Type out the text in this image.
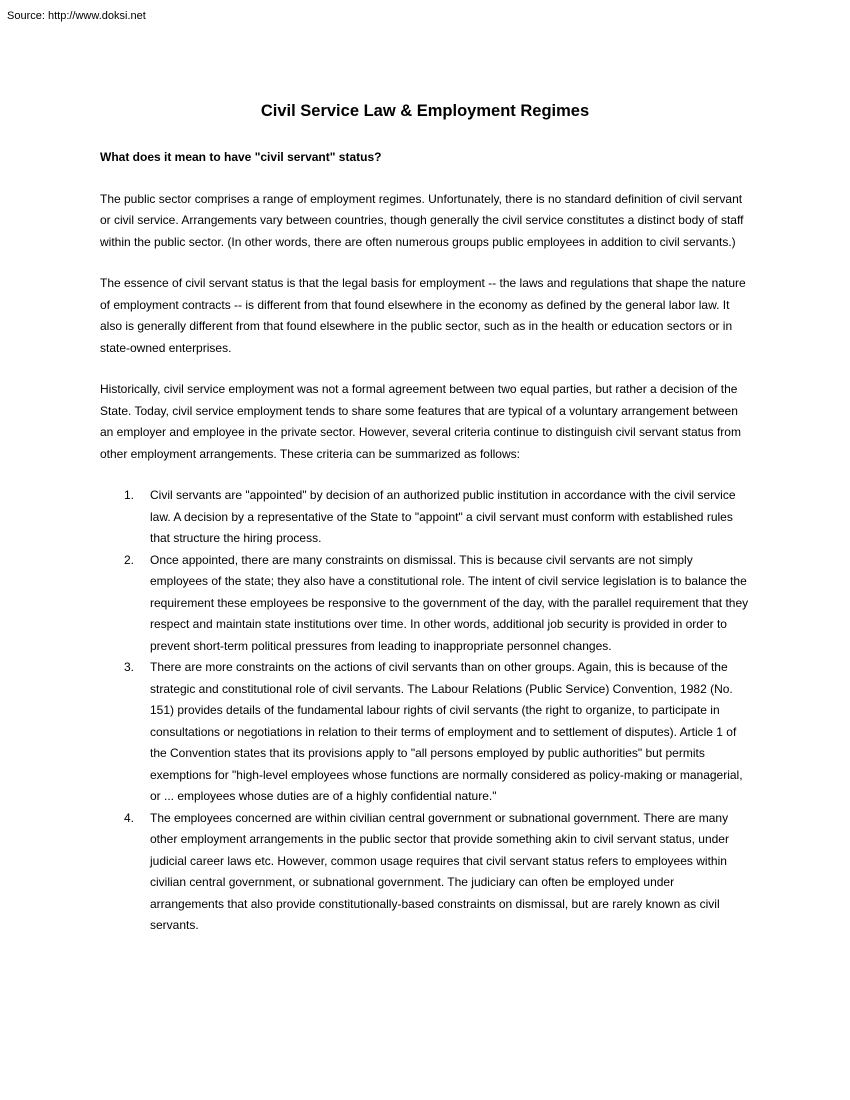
Source: http://www.doksi.net
Civil Service Law & Employment Regimes
What does it mean to have "civil servant" status?

The public sector comprises a range of employment regimes. Unfortunately, there is no standard definition of civil servant or civil service. Arrangements vary between countries, though generally the civil service constitutes a distinct body of staff within the public sector. (In other words, there are often numerous groups public employees in addition to civil servants.)

The essence of civil servant status is that the legal basis for employment -- the laws and regulations that shape the nature of employment contracts -- is different from that found elsewhere in the economy as defined by the general labor law. It also is generally different from that found elsewhere in the public sector, such as in the health or education sectors or in state-owned enterprises.

Historically, civil service employment was not a formal agreement between two equal parties, but rather a decision of the State. Today, civil service employment tends to share some features that are typical of a voluntary arrangement between an employer and employee in the private sector. However, several criteria continue to distinguish civil servant status from other employment arrangements. These criteria can be summarized as follows:

1.	Civil servants are "appointed" by decision of an authorized public institution in accordance with the civil service law. A decision by a representative of the State to "appoint" a civil servant must conform with established rules that structure the hiring process.
2.	Once appointed, there are many constraints on dismissal. This is because civil servants are not simply employees of the state; they also have a constitutional role. The intent of civil service legislation is to balance the requirement these employees be responsive to the government of the day, with the parallel requirement that they respect and maintain state institutions over time. In other words, additional job security is provided in order to prevent short-term political pressures from leading to inappropriate personnel changes.
3.	There are more constraints on the actions of civil servants than on other groups. Again, this is because of the strategic and constitutional role of civil servants. The Labour Relations (Public Service) Convention, 1982 (No. 151) provides details of the fundamental labour rights of civil servants (the right to organize, to participate in consultations or negotiations in relation to their terms of employment and to settlement of disputes). Article 1 of the Convention states that its provisions apply to "all persons employed by public authorities" but permits exemptions for "high-level employees whose functions are normally considered as policy-making or managerial, or ... employees whose duties are of a highly confidential nature."
4.	The employees concerned are within civilian central government or subnational government. There are many other employment arrangements in the public sector that provide something akin to civil servant status, under judicial career laws etc. However, common usage requires that civil servant status refers to employees within civilian central government, or subnational government. The judiciary can often be employed under arrangements that also provide constitutionally-based constraints on dismissal, but are rarely known as civil servants.
